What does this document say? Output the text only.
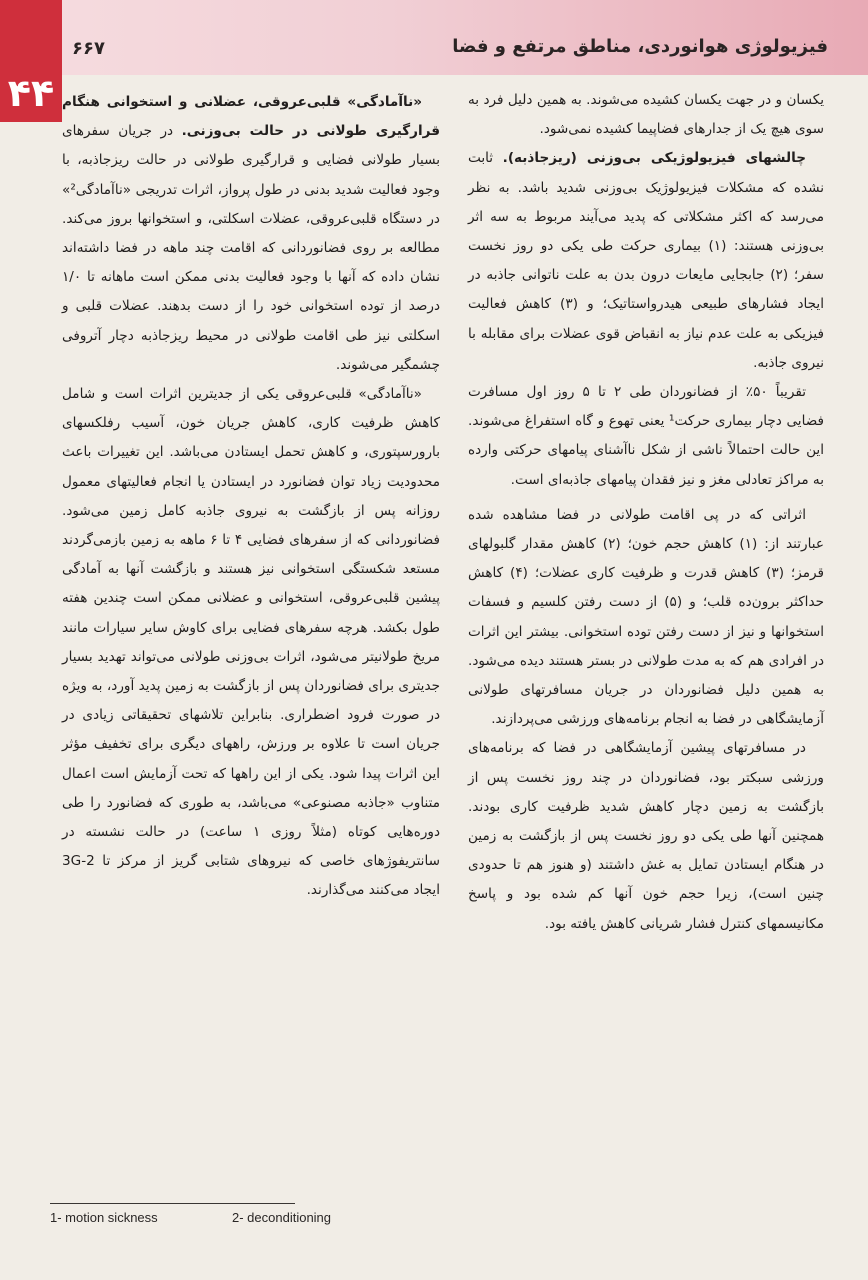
۴۴
۶۶۷	فیزیولوژی هوانوردی، مناطق مرتفع و فضا

یکسان و در جهت یکسان کشیده می‌شوند. به همین دلیل فرد به سوی هیچ یک از جدارهای فضاپیما کشیده نمی‌شود.

چالشهای فیزیولوژیکی بی‌وزنی (ریزجاذبه). ثابت نشده که مشکلات فیزیولوژیک بی‌وزنی شدید باشد. به نظر می‌رسد که اکثر مشکلاتی که پدید می‌آیند مربوط به سه اثر بی‌وزنی هستند: (۱) بیماری حرکت طی یکی دو روز نخست سفر؛ (۲) جابجایی مایعات درون بدن به علت ناتوانی جاذبه در ایجاد فشارهای طبیعی هیدرواستاتیک؛ و (۳) کاهش فعالیت فیزیکی به علت عدم نیاز به انقباض قوی عضلات برای مقابله با نیروی جاذبه.

تقریباً ۵۰٪ از فضانوردان طی ۲ تا ۵ روز اول مسافرت فضایی دچار بیماری حرکت¹ یعنی تهوع و گاه استفراغ می‌شوند. این حالت احتمالاً ناشی از شکل ناآشنای پیامهای حرکتی وارده به مراکز تعادلی مغز و نیز فقدان پیامهای جاذبه‌ای است.

اثراتی که در پی اقامت طولانی در فضا مشاهده شده عبارتند از: (۱) کاهش حجم خون؛ (۲) کاهش مقدار گلبولهای قرمز؛ (۳) کاهش قدرت و ظرفیت کاری عضلات؛ (۴) کاهش حداکثر برون‌ده قلب؛ و (۵) از دست رفتن کلسیم و فسفات استخوانها و نیز از دست رفتن توده استخوانی. بیشتر این اثرات در افرادی هم که به مدت طولانی در بستر هستند دیده می‌شود. به همین دلیل فضانوردان در جریان مسافرتهای طولانی آزمایشگاهی در فضا به انجام برنامه‌های ورزشی می‌پردازند.

در مسافرتهای پیشین آزمایشگاهی در فضا که برنامه‌های ورزشی سبکتر بود، فضانوردان در چند روز نخست پس از بازگشت به زمین دچار کاهش شدید ظرفیت کاری بودند. همچنین آنها طی یکی دو روز نخست پس از بازگشت به زمین در هنگام ایستادن تمایل به غش داشتند (و هنوز هم تا حدودی چنین است)، زیرا حجم خون آنها کم شده بود و پاسخ مکانیسمهای کنترل فشار شریانی کاهش یافته بود.

«ناآمادگی» قلبی‌عروقی، عضلانی و استخوانی هنگام قرارگیری طولانی در حالت بی‌وزنی. در جریان سفرهای بسیار طولانی فضایی و قرارگیری طولانی در حالت ریزجاذبه، با وجود فعالیت شدید بدنی در طول پرواز، اثرات تدریجی «ناآمادگی²» در دستگاه قلبی‌عروقی، عضلات اسکلتی، و استخوانها بروز می‌کند. مطالعه بر روی فضانوردانی که اقامت چند ماهه در فضا داشته‌اند نشان داده که آنها با وجود فعالیت بدنی ممکن است ماهانه تا ۱/۰ درصد از توده استخوانی خود را از دست بدهند. عضلات قلبی و اسکلتی نیز طی اقامت طولانی در محیط ریزجاذبه دچار آتروفی چشمگیر می‌شوند.

«ناآمادگی» قلبی‌عروقی یکی از جدیترین اثرات است و شامل کاهش ظرفیت کاری، کاهش جریان خون، آسیب رفلکسهای بارورسپتوری، و کاهش تحمل ایستادن می‌باشد. این تغییرات باعث محدودیت زیاد توان فضانورد در ایستادن یا انجام فعالیتهای معمول روزانه پس از بازگشت به نیروی جاذبه کامل زمین می‌شود. فضانوردانی که از سفرهای فضایی ۴ تا ۶ ماهه به زمین بازمی‌گردند مستعد شکستگی استخوانی نیز هستند و بازگشت آنها به آمادگی پیشین قلبی‌عروقی، استخوانی و عضلانی ممکن است چندین هفته طول بکشد. هرچه سفرهای فضایی برای کاوش سایر سیارات مانند مریخ طولانیتر می‌شود، اثرات بی‌وزنی طولانی می‌تواند تهدید بسیار جدیتری برای فضانوردان پس از بازگشت به زمین پدید آورد، به ویژه در صورت فرود اضطراری. بنابراین تلاشهای تحقیقاتی زیادی در جریان است تا علاوه بر ورزش، راههای دیگری برای تخفیف مؤثر این اثرات پیدا شود. یکی از این راهها که تحت آزمایش است اعمال متناوب «جاذبه مصنوعی» می‌باشد، به طوری که فضانورد را طی دوره‌هایی کوتاه (مثلاً روزی ۱ ساعت) در حالت نشسته در سانتریفوژهای خاصی که نیروهای شتابی گریز از مرکز تا 2-3G ایجاد می‌کنند می‌گذارند.

1- motion sickness	2- deconditioning
